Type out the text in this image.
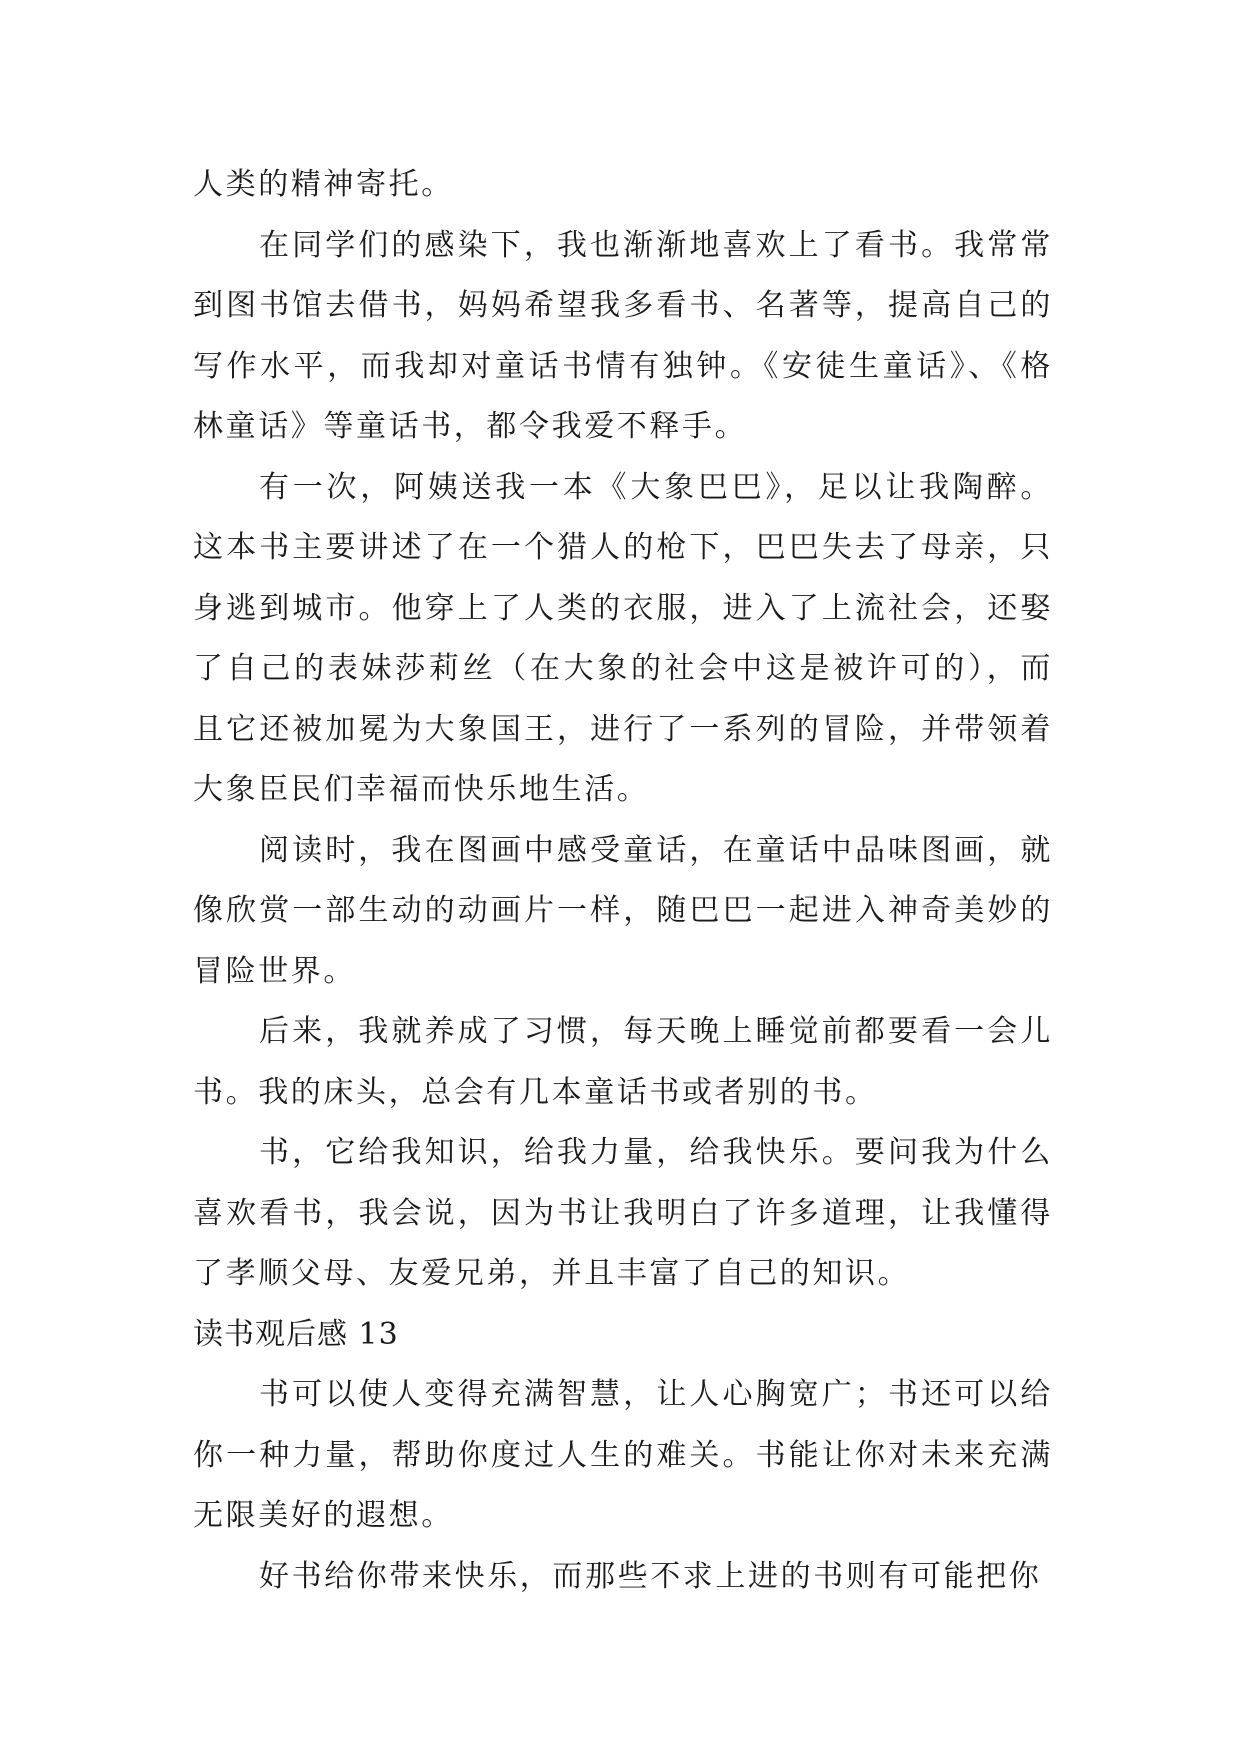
人类的精神寄托。

在同学们的感染下，我也渐渐地喜欢上了看书。我常常到图书馆去借书，妈妈希望我多看书、名著等，提高自己的写作水平，而我却对童话书情有独钟。《安徒生童话》、《格林童话》等童话书，都令我爱不释手。

有一次，阿姨送我一本《大象巴巴》，足以让我陶醉。这本书主要讲述了在一个猎人的枪下，巴巴失去了母亲，只身逃到城市。他穿上了人类的衣服，进入了上流社会，还娶了自己的表妹莎莉丝（在大象的社会中这是被许可的），而且它还被加冕为大象国王，进行了一系列的冒险，并带领着大象臣民们幸福而快乐地生活。

阅读时，我在图画中感受童话，在童话中品味图画，就像欣赏一部生动的动画片一样，随巴巴一起进入神奇美妙的冒险世界。

后来，我就养成了习惯，每天晚上睡觉前都要看一会儿书。我的床头，总会有几本童话书或者别的书。

书，它给我知识，给我力量，给我快乐。要问我为什么喜欢看书，我会说，因为书让我明白了许多道理，让我懂得了孝顺父母、友爱兄弟，并且丰富了自己的知识。

读书观后感 13

书可以使人变得充满智慧，让人心胸宽广；书还可以给你一种力量，帮助你度过人生的难关。书能让你对未来充满无限美好的遐想。

好书给你带来快乐，而那些不求上进的书则有可能把你
